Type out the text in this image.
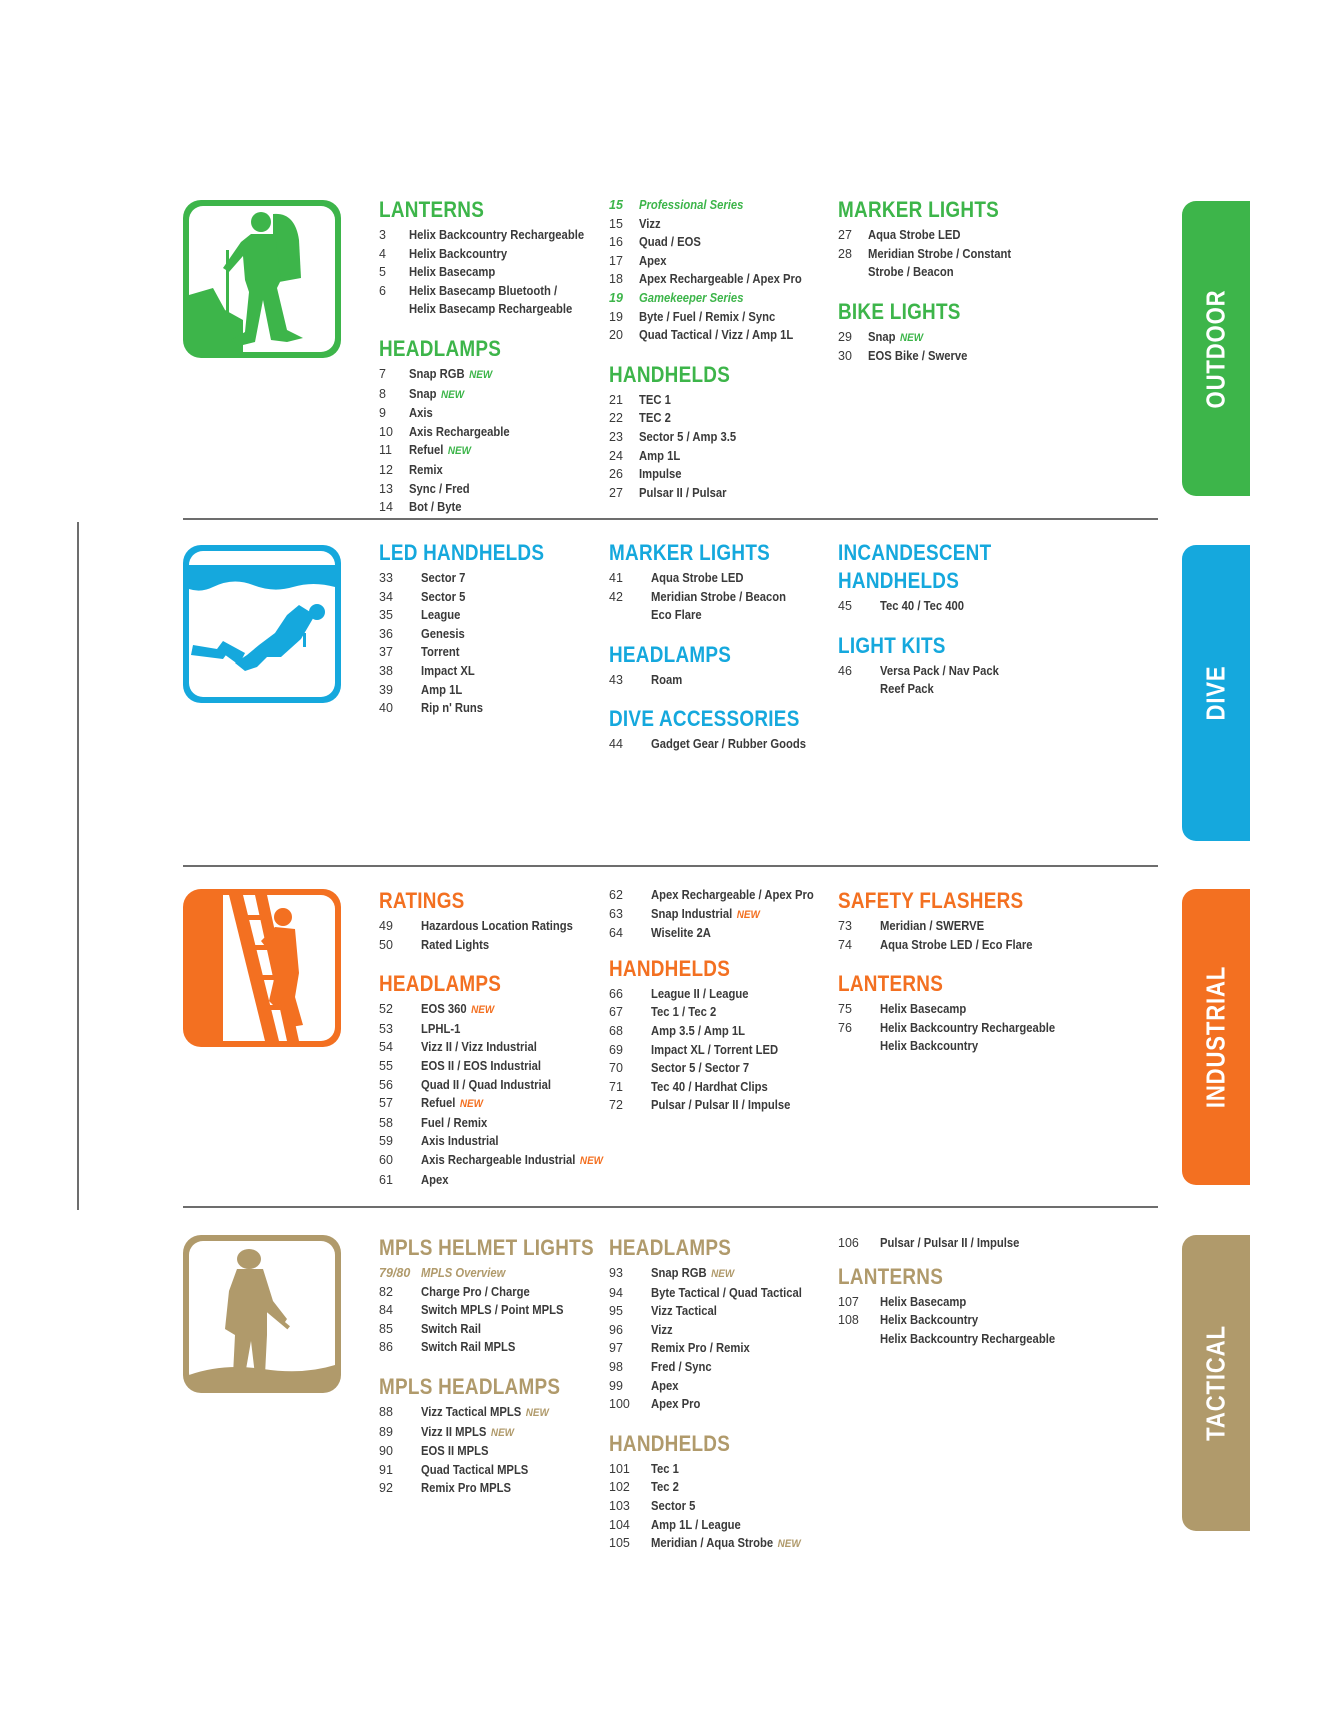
OUTDOOR
DIVE
INDUSTRIAL
TACTICAL
LANTERNS
3	Helix Backcountry Rechargeable
4	Helix Backcountry
5	Helix Basecamp
6	Helix Basecamp Bluetooth /
Helix Basecamp Rechargeable
HEADLAMPS
7	Snap RGB NEW
8	Snap NEW
9	Axis
10	Axis Rechargeable
11	Refuel NEW
12	Remix
13	Sync / Fred
14	Bot / Byte
15	Professional Series
15	Vizz
16	Quad / EOS
17	Apex
18	Apex Rechargeable / Apex Pro
19	Gamekeeper Series
19	Byte / Fuel / Remix / Sync
20	Quad Tactical / Vizz / Amp 1L
HANDHELDS
21	TEC 1
22	TEC 2
23	Sector 5 / Amp 3.5
24	Amp 1L
26	Impulse
27	Pulsar II / Pulsar
MARKER LIGHTS
27	Aqua Strobe LED
28	Meridian Strobe / Constant
Strobe / Beacon
BIKE LIGHTS
29	Snap NEW
30	EOS Bike / Swerve
LED HANDHELDS
33	Sector 7
34	Sector 5
35	League
36	Genesis
37	Torrent
38	Impact XL
39	Amp 1L
40	Rip n' Runs
MARKER LIGHTS
41	Aqua Strobe LED
42	Meridian Strobe / Beacon
Eco Flare
HEADLAMPS
43	Roam
DIVE ACCESSORIES
44	Gadget Gear / Rubber Goods
INCANDESCENT
HANDHELDS
45	Tec 40 / Tec 400
LIGHT KITS
46	Versa Pack / Nav Pack
Reef Pack
RATINGS
49	Hazardous Location Ratings
50	Rated Lights
HEADLAMPS
52	EOS 360 NEW
53	LPHL-1
54	Vizz II / Vizz Industrial
55	EOS II / EOS Industrial
56	Quad II / Quad Industrial
57	Refuel NEW
58	Fuel / Remix
59	Axis Industrial
60	Axis Rechargeable Industrial NEW
61	Apex
62	Apex Rechargeable / Apex Pro
63	Snap Industrial NEW
64	Wiselite 2A
HANDHELDS
66	League II / League
67	Tec 1 / Tec 2
68	Amp 3.5 / Amp 1L
69	Impact XL / Torrent LED
70	Sector 5 / Sector 7
71	Tec 40 / Hardhat Clips
72	Pulsar / Pulsar II / Impulse
SAFETY FLASHERS
73	Meridian / SWERVE
74	Aqua Strobe LED / Eco Flare
LANTERNS
75	Helix Basecamp
76	Helix Backcountry Rechargeable
Helix Backcountry
MPLS HELMET LIGHTS
79/80 MPLS Overview
82	Charge Pro / Charge
84	Switch MPLS / Point MPLS
85	Switch Rail
86	Switch Rail MPLS
MPLS HEADLAMPS
88	Vizz Tactical MPLS NEW
89	Vizz II MPLS NEW
90	EOS II MPLS
91	Quad Tactical MPLS
92	Remix Pro MPLS
HEADLAMPS
93	Snap RGB NEW
94	Byte Tactical / Quad Tactical
95	Vizz Tactical
96	Vizz
97	Remix Pro / Remix
98	Fred / Sync
99	Apex
100	Apex Pro
HANDHELDS
101	Tec 1
102	Tec 2
103	Sector 5
104	Amp 1L / League
105	Meridian / Aqua Strobe NEW
106	Pulsar / Pulsar II / Impulse
LANTERNS
107	Helix Basecamp
108	Helix Backcountry
Helix Backcountry Rechargeable
